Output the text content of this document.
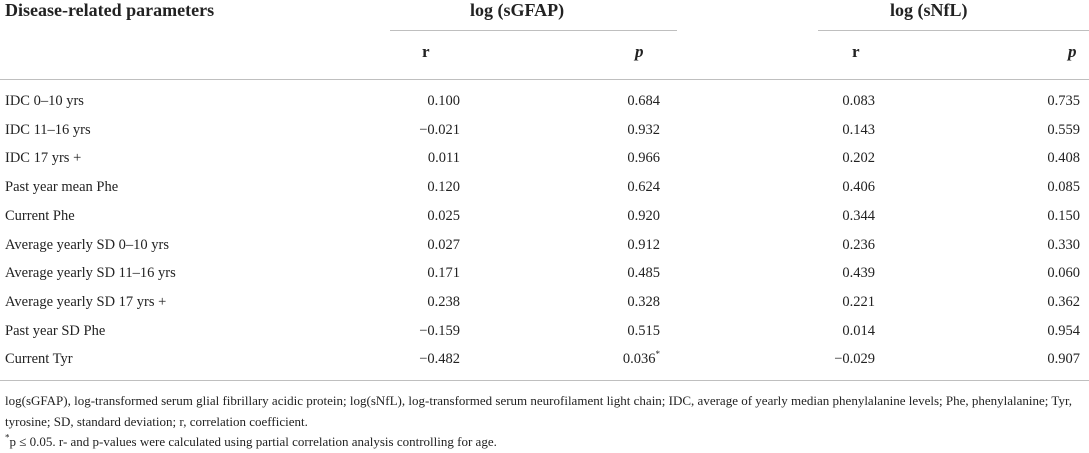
Disease-related parameters	log (sGFAP)	log (sNfL)
r	p	r	p
IDC 0–10 yrs	0.100	0.684	0.083	0.735
IDC 11–16 yrs	−0.021	0.932	0.143	0.559
IDC 17 yrs +	0.011	0.966	0.202	0.408
Past year mean Phe	0.120	0.624	0.406	0.085
Current Phe	0.025	0.920	0.344	0.150
Average yearly SD 0–10 yrs	0.027	0.912	0.236	0.330
Average yearly SD 11–16 yrs	0.171	0.485	0.439	0.060
Average yearly SD 17 yrs +	0.238	0.328	0.221	0.362
Past year SD Phe	−0.159	0.515	0.014	0.954
Current Tyr	−0.482	0.036*	−0.029	0.907
log(sGFAP), log-transformed serum glial fibrillary acidic protein; log(sNfL), log-transformed serum neurofilament light chain; IDC, average of yearly median phenylalanine levels; Phe, phenylalanine; Tyr, tyrosine; SD, standard deviation; r, correlation coefficient.
*p ≤ 0.05. r- and p-values were calculated using partial correlation analysis controlling for age.
